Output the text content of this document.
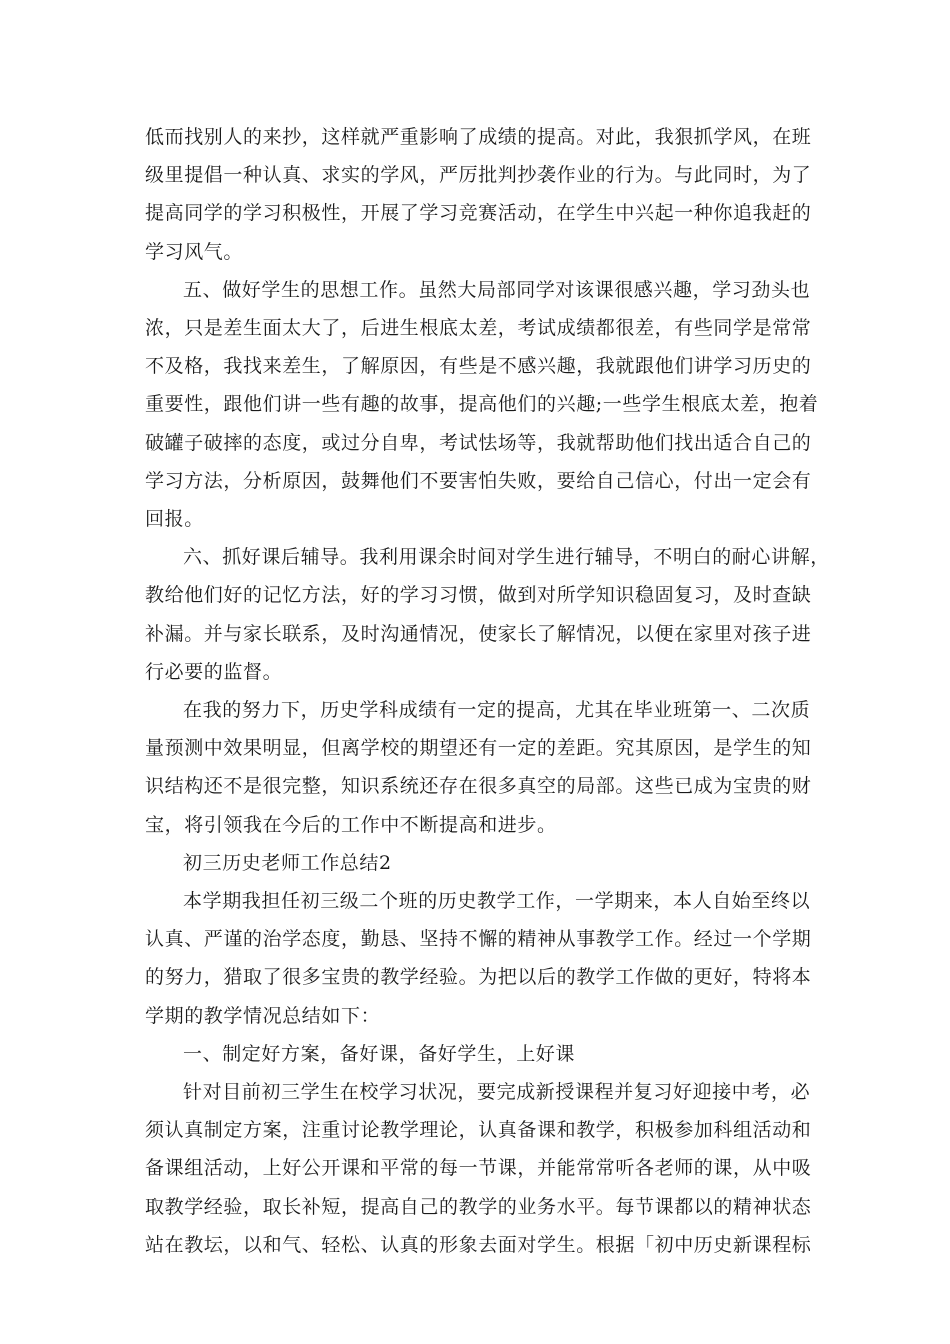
低而找别人的来抄，这样就严重影响了成绩的提高。对此，我狠抓学风，在班
级里提倡一种认真、求实的学风，严厉批判抄袭作业的行为。与此同时，为了
提高同学的学习积极性，开展了学习竞赛活动，在学生中兴起一种你追我赶的
学习风气。

五、做好学生的思想工作。虽然大局部同学对该课很感兴趣，学习劲头也
浓，只是差生面太大了，后进生根底太差，考试成绩都很差，有些同学是常常
不及格，我找来差生，了解原因，有些是不感兴趣，我就跟他们讲学习历史的
重要性，跟他们讲一些有趣的故事，提高他们的兴趣;一些学生根底太差，抱着
破罐子破摔的态度，或过分自卑，考试怯场等，我就帮助他们找出适合自己的
学习方法，分析原因，鼓舞他们不要害怕失败，要给自己信心，付出一定会有
回报。

六、抓好课后辅导。我利用课余时间对学生进行辅导，不明白的耐心讲解，
教给他们好的记忆方法，好的学习习惯，做到对所学知识稳固复习，及时查缺
补漏。并与家长联系，及时沟通情况，使家长了解情况，以便在家里对孩子进
行必要的监督。

在我的努力下，历史学科成绩有一定的提高，尤其在毕业班第一、二次质
量预测中效果明显，但离学校的期望还有一定的差距。究其原因，是学生的知
识结构还不是很完整，知识系统还存在很多真空的局部。这些已成为宝贵的财
宝，将引领我在今后的工作中不断提高和进步。

初三历史老师工作总结2

本学期我担任初三级二个班的历史教学工作，一学期来，本人自始至终以
认真、严谨的治学态度，勤恳、坚持不懈的精神从事教学工作。经过一个学期
的努力，猎取了很多宝贵的教学经验。为把以后的教学工作做的更好，特将本
学期的教学情况总结如下：

一、制定好方案，备好课，备好学生，上好课

针对目前初三学生在校学习状况，要完成新授课程并复习好迎接中考，必
须认真制定方案，注重讨论教学理论，认真备课和教学，积极参加科组活动和
备课组活动，上好公开课和平常的每一节课，并能常常听各老师的课，从中吸
取教学经验，取长补短，提高自己的教学的业务水平。每节课都以的精神状态
站在教坛，以和气、轻松、认真的形象去面对学生。根据「初中历史新课程标
